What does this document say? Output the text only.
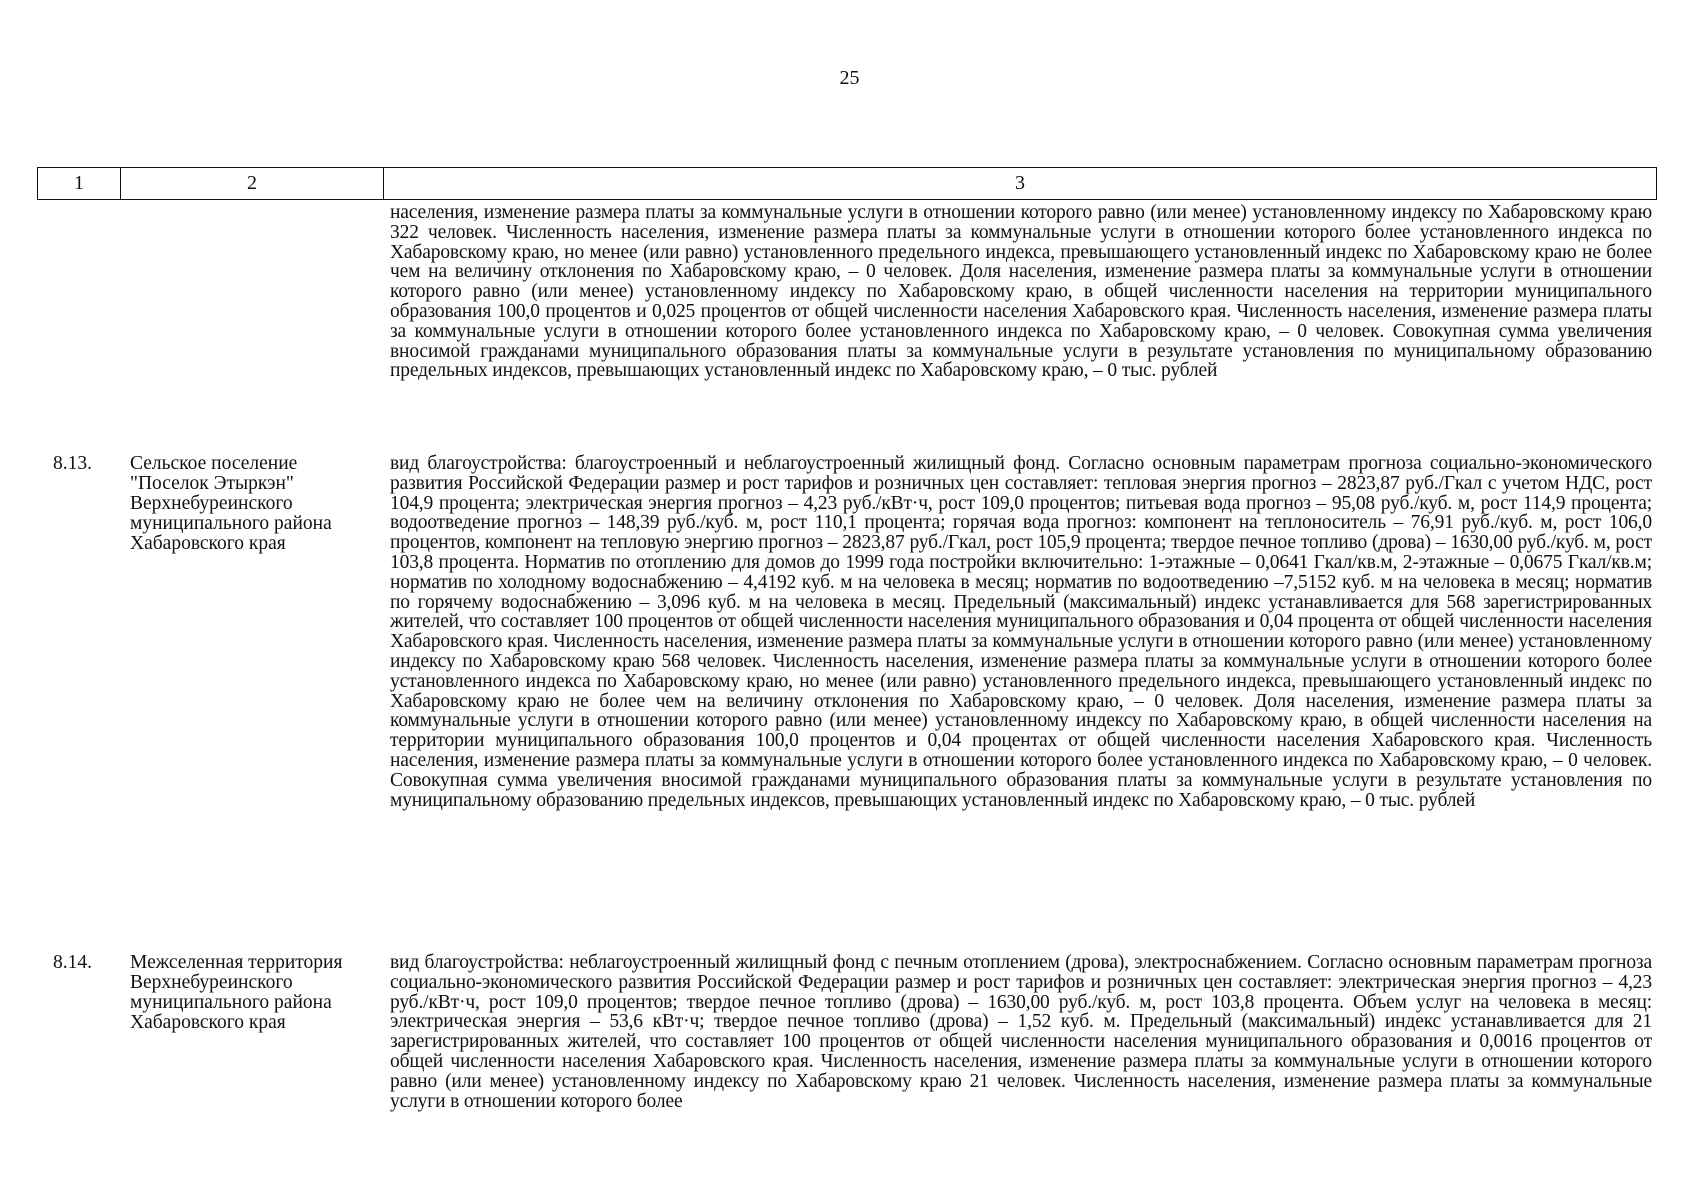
25
1	2	3
населения, изменение размера платы за коммунальные услуги в отношении которого равно (или менее) установленному индексу по Хабаровскому краю 322 человек. Численность населения, изменение размера платы за коммунальные услуги в отношении которого более установленного индекса по Хабаровскому краю, но менее (или равно) установленного предельного индекса, превышающего установленный индекс по Хабаровскому краю не более чем на величину отклонения по Хабаровскому краю, – 0 человек. Доля населения, изменение размера платы за коммунальные услуги в отношении которого равно (или менее) установленному индексу по Хабаровскому краю, в общей численности населения на территории муниципального образования 100,0 процентов и 0,025 процентов от общей численности населения Хабаровского края. Численность населения, изменение размера платы за коммунальные услуги в отношении которого более установленного индекса по Хабаровскому краю, – 0 человек. Совокупная сумма увеличения вносимой гражданами муниципального образования платы за коммунальные услуги в результате установления по муниципальному образованию предельных индексов, превышающих установленный индекс по Хабаровскому краю, – 0 тыс. рублей
8.13. Сельское поселение "Поселок Этыркэн" Верхнебуреинского муниципального района Хабаровского края
вид благоустройства: благоустроенный и неблагоустроенный жилищный фонд. Согласно основным параметрам прогноза социально-экономического развития Российской Федерации размер и рост тарифов и розничных цен составляет: тепловая энергия прогноз – 2823,87 руб./Гкал с учетом НДС, рост 104,9 процента; электрическая энергия прогноз – 4,23 руб./кВт·ч, рост 109,0 процентов; питьевая вода прогноз – 95,08 руб./куб. м, рост 114,9 процента; водоотведение прогноз – 148,39 руб./куб. м, рост 110,1 процента; горячая вода прогноз: компонент на теплоноситель – 76,91 руб./куб. м, рост 106,0 процентов, компонент на тепловую энергию прогноз – 2823,87 руб./Гкал, рост 105,9 процента; твердое печное топливо (дрова) – 1630,00 руб./куб. м, рост 103,8 процента. Норматив по отоплению для домов до 1999 года постройки включительно: 1-этажные – 0,0641 Гкал/кв.м, 2-этажные – 0,0675 Гкал/кв.м; норматив по холодному водоснабжению – 4,4192 куб. м на человека в месяц; норматив по водоотведению –7,5152 куб. м на человека в месяц; норматив по горячему водоснабжению – 3,096 куб. м на человека в месяц. Предельный (максимальный) индекс устанавливается для 568 зарегистрированных жителей, что составляет 100 процентов от общей численности населения муниципального образования и 0,04 процента от общей численности населения Хабаровского края. Численность населения, изменение размера платы за коммунальные услуги в отношении которого равно (или менее) установленному индексу по Хабаровскому краю 568 человек. Численность населения, изменение размера платы за коммунальные услуги в отношении которого более установленного индекса по Хабаровскому краю, но менее (или равно) установленного предельного индекса, превышающего установленный индекс по Хабаровскому краю не более чем на величину отклонения по Хабаровскому краю, – 0 человек. Доля населения, изменение размера платы за коммунальные услуги в отношении которого равно (или менее) установленному индексу по Хабаровскому краю, в общей численности населения на территории муниципального образования 100,0 процентов и 0,04 процентах от общей численности населения Хабаровского края. Численность населения, изменение размера платы за коммунальные услуги в отношении которого более установленного индекса по Хабаровскому краю, – 0 человек. Совокупная сумма увеличения вносимой гражданами муниципального образования платы за коммунальные услуги в результате установления по муниципальному образованию предельных индексов, превышающих установленный индекс по Хабаровскому краю, – 0 тыс. рублей
8.14. Межселенная территория Верхнебуреинского муниципального района Хабаровского края
вид благоустройства: неблагоустроенный жилищный фонд с печным отоплением (дрова), электроснабжением. Согласно основным параметрам прогноза социально-экономического развития Российской Федерации размер и рост тарифов и розничных цен составляет: электрическая энергия прогноз – 4,23 руб./кВт·ч, рост 109,0 процентов; твердое печное топливо (дрова) – 1630,00 руб./куб. м, рост 103,8 процента. Объем услуг на человека в месяц: электрическая энергия – 53,6 кВт·ч; твердое печное топливо (дрова) – 1,52 куб. м. Предельный (максимальный) индекс устанавливается для 21 зарегистрированных жителей, что составляет 100 процентов от общей численности населения муниципального образования и 0,0016 процентов от общей численности населения Хабаровского края. Численность населения, изменение размера платы за коммунальные услуги в отношении которого равно (или менее) установленному индексу по Хабаровскому краю 21 человек. Численность населения, изменение размера платы за коммунальные услуги в отношении которого более
